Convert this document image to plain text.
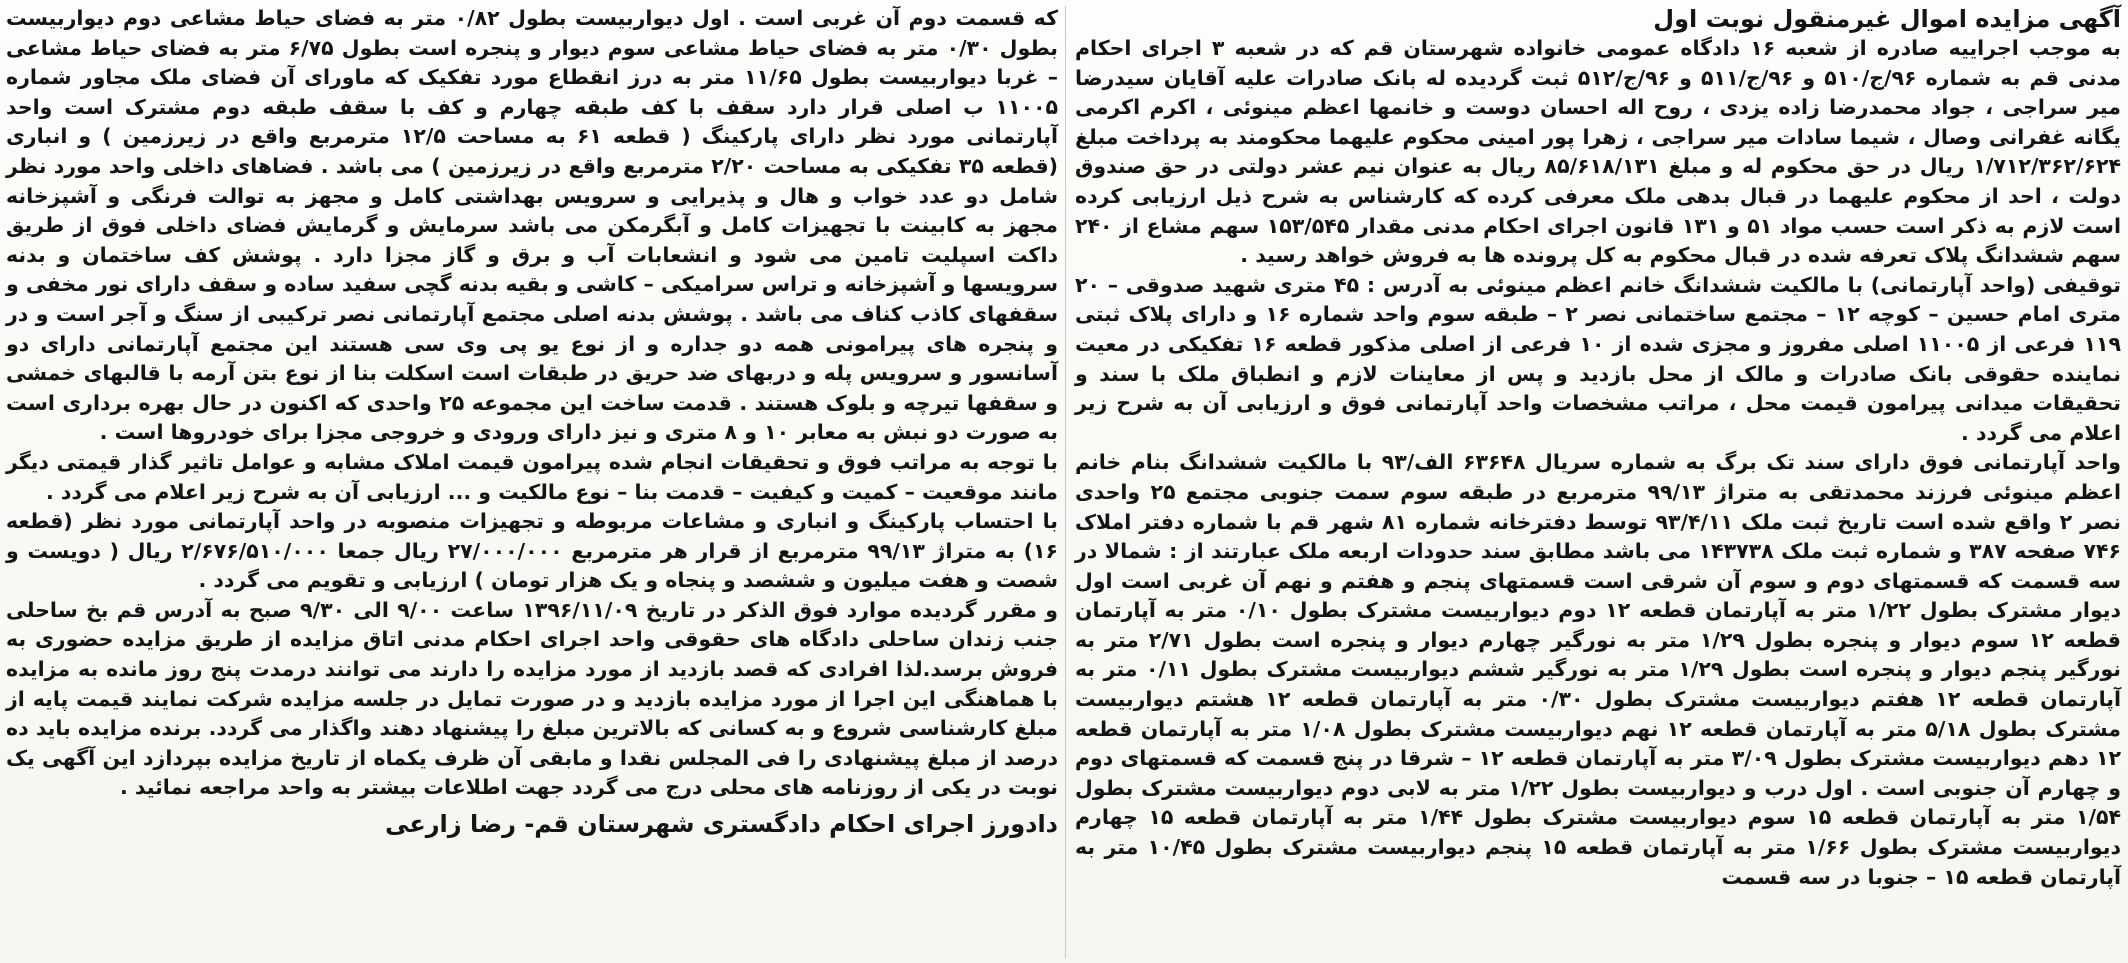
آگهی مزایده اموال غیرمنقول نوبت اول

به موجب اجراییه صادره از شعبه ۱۶ دادگاه عمومی خانواده شهرستان قم که در شعبه ۳ اجرای احکام مدنی قم به شماره ۹۶/ج/۵۱۰ و ۹۶/ج/۵۱۱ و ۹۶/ج/۵۱۲ ثبت گردیده له بانک صادرات علیه آقایان سیدرضا میر سراجی ، جواد محمدرضا زاده یزدی ، روح اله احسان دوست و خانمها اعظم مینوئی ، اکرم اکرمی یگانه غفرانی وصال ، شیما سادات میر سراجی ، زهرا پور امینی محکوم علیهما محکومند به پرداخت مبلغ ۱/۷۱۲/۳۶۲/۶۲۴ ریال در حق محکوم له و مبلغ ۸۵/۶۱۸/۱۳۱ ریال به عنوان نیم عشر دولتی در حق صندوق دولت ، احد از محکوم علیهما در قبال بدهی ملک معرفی کرده که کارشناس به شرح ذیل ارزیابی کرده است لازم به ذکر است حسب مواد ۵۱ و ۱۳۱ قانون اجرای احکام مدنی مقدار ۱۵۳/۵۴۵ سهم مشاع از ۲۴۰ سهم ششدانگ پلاک تعرفه شده در قبال محکوم به کل پرونده ها به فروش خواهد رسید .

توقیفی (واحد آپارتمانی) با مالکیت ششدانگ خانم اعظم مینوئی به آدرس : ۴۵ متری شهید صدوقی – ۲۰ متری امام حسین – کوچه ۱۲ – مجتمع ساختمانی نصر ۲ – طبقه سوم واحد شماره ۱۶ و دارای پلاک ثبتی ۱۱۹ فرعی از ۱۱۰۰۵ اصلی مفروز و مجزی شده از ۱۰ فرعی از اصلی مذکور قطعه ۱۶ تفکیکی در معیت نماینده حقوقی بانک صادرات و مالک از محل بازدید و پس از معاینات لازم و انطباق ملک با سند و تحقیقات میدانی پیرامون قیمت محل ، مراتب مشخصات واحد آپارتمانی فوق و ارزیابی آن به شرح زیر اعلام می گردد .

واحد آپارتمانی فوق دارای سند تک برگ به شماره سریال ۶۳۶۴۸ الف/۹۳ با مالکیت ششدانگ بنام خانم اعظم مینوئی فرزند محمدتقی به متراژ ۹۹/۱۳ مترمربع در طبقه سوم سمت جنوبی مجتمع ۲۵ واحدی نصر ۲ واقع شده است تاریخ ثبت ملک ۹۳/۴/۱۱ توسط دفترخانه شماره ۸۱ شهر قم با شماره دفتر املاک ۷۴۶ صفحه ۳۸۷ و شماره ثبت ملک ۱۴۳۷۳۸ می باشد مطابق سند حدودات اربعه ملک عبارتند از : شمالا در سه قسمت که قسمتهای دوم و سوم آن شرقی است قسمتهای پنجم و هفتم و نهم آن غربی است اول دیوار مشترک بطول ۱/۲۲ متر به آپارتمان قطعه ۱۲ دوم دیواربیست مشترک بطول ۰/۱۰ متر به آپارتمان قطعه ۱۲ سوم دیوار و پنجره بطول ۱/۲۹ متر به نورگیر چهارم دیوار و پنجره است بطول ۲/۷۱ متر به نورگیر پنجم دیوار و پنجره است بطول ۱/۲۹ متر به نورگیر ششم دیواربیست مشترک بطول ۰/۱۱ متر به آپارتمان قطعه ۱۲ هفتم دیواربیست مشترک بطول ۰/۳۰ متر به آپارتمان قطعه ۱۲ هشتم دیواربیست مشترک بطول ۵/۱۸ متر به آپارتمان قطعه ۱۲ نهم دیواربیست مشترک بطول ۱/۰۸ متر به آپارتمان قطعه ۱۲ دهم دیواربیست مشترک بطول ۳/۰۹ متر به آپارتمان قطعه ۱۲ – شرقا در پنج قسمت که قسمتهای دوم و چهارم آن جنوبی است . اول درب و دیواربیست بطول ۱/۲۲ متر به لابی دوم دیواربیست مشترک بطول ۱/۵۴ متر به آپارتمان قطعه ۱۵ سوم دیواربیست مشترک بطول ۱/۴۴ متر به آپارتمان قطعه ۱۵ چهارم دیواربیست مشترک بطول ۱/۶۶ متر به آپارتمان قطعه ۱۵ پنجم دیواربیست مشترک بطول ۱۰/۴۵ متر به آپارتمان قطعه ۱۵ – جنوبا در سه قسمت

که قسمت دوم آن غربی است . اول دیواربیست بطول ۰/۸۲ متر به فضای حیاط مشاعی دوم دیواربیست بطول ۰/۳۰ متر به فضای حیاط مشاعی سوم دیوار و پنجره است بطول ۶/۷۵ متر به فضای حیاط مشاعی – غربا دیواربیست بطول ۱۱/۶۵ متر به درز انقطاع مورد تفکیک که ماورای آن فضای ملک مجاور شماره ۱۱۰۰۵ ب اصلی قرار دارد سقف با کف طبقه چهارم و کف با سقف طبقه دوم مشترک است واحد آپارتمانی مورد نظر دارای پارکینگ ( قطعه ۶۱ به مساحت ۱۲/۵ مترمربع واقع در زیرزمین ) و انباری (قطعه ۳۵ تفکیکی به مساحت ۲/۲۰ مترمربع واقع در زیرزمین ) می باشد . فضاهای داخلی واحد مورد نظر شامل دو عدد خواب و هال و پذیرایی و سرویس بهداشتی کامل و مجهز به توالت فرنگی و آشپزخانه مجهز به کابینت با تجهیزات کامل و آبگرمکن می باشد سرمایش و گرمایش فضای داخلی فوق از طریق داکت اسپلیت تامین می شود و انشعابات آب و برق و گاز مجزا دارد . پوشش کف ساختمان و بدنه سرویسها و آشپزخانه و تراس سرامیکی – کاشی و بقیه بدنه گچی سفید ساده و سقف دارای نور مخفی و سقفهای کاذب کناف می باشد . پوشش بدنه اصلی مجتمع آپارتمانی نصر ترکیبی از سنگ و آجر است و در و پنجره های پیرامونی همه دو جداره و از نوع یو پی وی سی هستند این مجتمع آپارتمانی دارای دو آسانسور و سرویس پله و دربهای ضد حریق در طبقات است اسکلت بنا از نوع بتن آرمه با قالبهای خمشی و سقفها تیرچه و بلوک هستند . قدمت ساخت این مجموعه ۲۵ واحدی که اکنون در حال بهره برداری است به صورت دو نبش به معابر ۱۰ و ۸ متری و نیز دارای ورودی و خروجی مجزا برای خودروها است .

با توجه به مراتب فوق و تحقیقات انجام شده پیرامون قیمت املاک مشابه و عوامل تاثیر گذار قیمتی دیگر مانند موقعیت – کمیت و کیفیت – قدمت بنا – نوع مالکیت و ... ارزیابی آن به شرح زیر اعلام می گردد .

با احتساب پارکینگ و انباری و مشاعات مربوطه و تجهیزات منصوبه در واحد آپارتمانی مورد نظر (قطعه ۱۶) به متراژ ۹۹/۱۳ مترمربع از قرار هر مترمربع ۲۷/۰۰۰/۰۰۰ ریال جمعا ۲/۶۷۶/۵۱۰/۰۰۰ ریال ( دویست و شصت و هفت میلیون و ششصد و پنجاه و یک هزار تومان ) ارزیابی و تقویم می گردد .

و مقرر گردیده موارد فوق الذکر در تاریخ ۱۳۹۶/۱۱/۰۹ ساعت ۹/۰۰ الی ۹/۳۰ صبح به آدرس قم بخ ساحلی جنب زندان ساحلی دادگاه های حقوقی واحد اجرای احکام مدنی اتاق مزایده از طریق مزایده حضوری به فروش برسد.لذا افرادی که قصد بازدید از مورد مزایده را دارند می توانند درمدت پنج روز مانده به مزایده با هماهنگی این اجرا از مورد مزایده بازدید و در صورت تمایل در جلسه مزایده شرکت نمایند قیمت پایه از مبلغ کارشناسی شروع و به کسانی که بالاترین مبلغ را پیشنهاد دهند واگذار می گردد. برنده مزایده باید ده درصد از مبلغ پیشنهادی را فی المجلس نقدا و مابقی آن ظرف یکماه از تاریخ مزایده بپردازد این آگهی یک نوبت در یکی از روزنامه های محلی درج می گردد جهت اطلاعات بیشتر به واحد مراجعه نمائید .

دادورز اجرای احکام دادگستری شهرستان قم- رضا زارعی
